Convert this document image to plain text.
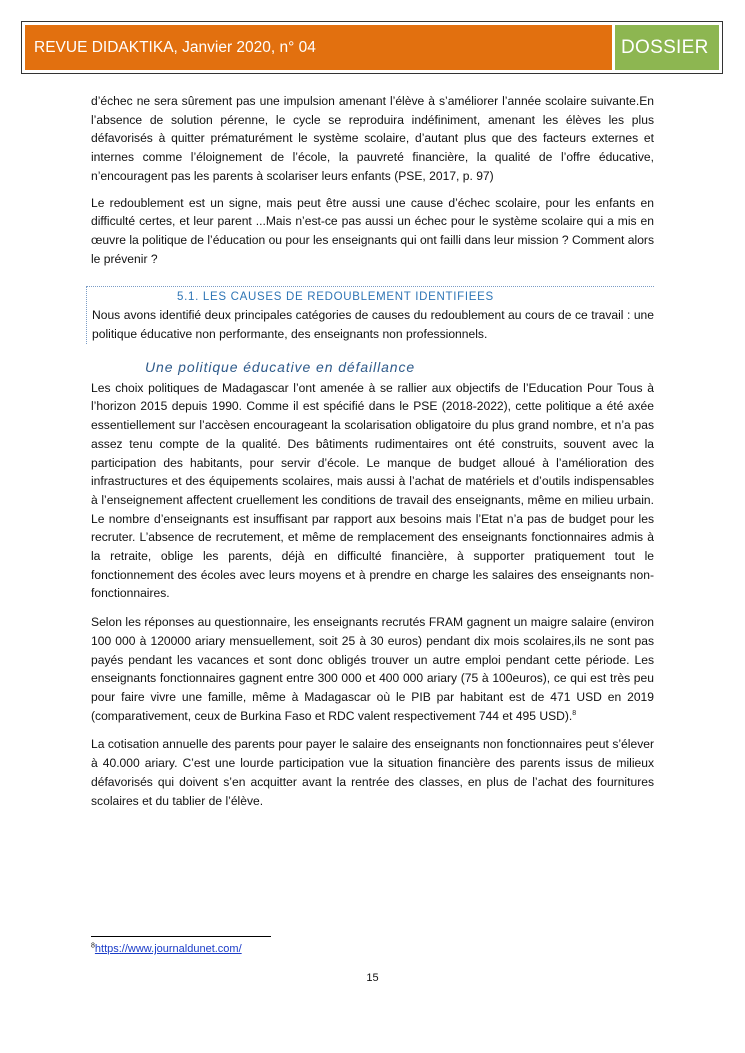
REVUE DIDAKTIKA, Janvier 2020, n° 04	DOSSIER

d’échec ne sera sûrement pas une impulsion amenant l’élève à s’améliorer l’année scolaire suivante.En l’absence de solution pérenne, le cycle se reproduira indéfiniment, amenant les élèves les plus défavorisés à quitter prématurément le système scolaire, d’autant plus que des facteurs externes et internes comme l’éloignement de l’école, la pauvreté financière, la qualité de l’offre éducative, n’encouragent pas les parents à scolariser leurs enfants (PSE, 2017, p. 97)

Le redoublement est un signe, mais peut être aussi une cause d’échec scolaire, pour les enfants en difficulté certes, et leur parent ...Mais n’est-ce pas aussi un échec pour le système scolaire qui a mis en œuvre la politique de l’éducation ou pour les enseignants qui ont failli dans leur mission ? Comment alors le prévenir ?

5.1. LES CAUSES DE REDOUBLEMENT IDENTIFIEES

Nous avons identifié deux principales catégories de causes du redoublement au cours de ce travail : une politique éducative non performante, des enseignants non professionnels.

Une politique éducative en défaillance

Les choix politiques de Madagascar l’ont amenée à se rallier aux objectifs de l’Education Pour Tous à l’horizon 2015 depuis 1990. Comme il est spécifié dans le PSE (2018-2022), cette politique a été axée essentiellement sur l’accèsen encourageant la scolarisation obligatoire du plus grand nombre, et n’a pas assez tenu compte de la qualité. Des bâtiments rudimentaires ont été construits, souvent avec la participation des habitants, pour servir d’école. Le manque de budget alloué à l’amélioration des infrastructures et des équipements scolaires, mais aussi à l’achat de matériels et d’outils indispensables à l’enseignement affectent cruellement les conditions de travail des enseignants, même en milieu urbain. Le nombre d’enseignants est insuffisant par rapport aux besoins mais l’Etat n’a pas de budget pour les recruter. L’absence de recrutement, et même de remplacement des enseignants fonctionnaires admis à la retraite, oblige les parents, déjà en difficulté financière, à supporter pratiquement tout le fonctionnement des écoles avec leurs moyens et à prendre en charge les salaires des enseignants non-fonctionnaires.

Selon les réponses au questionnaire, les enseignants recrutés FRAM gagnent un maigre salaire (environ 100 000 à 120000 ariary mensuellement, soit 25 à 30 euros) pendant dix mois scolaires,ils ne sont pas payés pendant les vacances et sont donc obligés trouver un autre emploi pendant cette période. Les enseignants fonctionnaires gagnent entre 300 000 et 400 000 ariary (75 à 100euros), ce qui est très peu pour faire vivre une famille, même à Madagascar où le PIB par habitant est de 471 USD en 2019 (comparativement, ceux de Burkina Faso et RDC valent respectivement 744 et 495 USD).$^8$

La cotisation annuelle des parents pour payer le salaire des enseignants non fonctionnaires peut s’élever à 40.000 ariary. C’est une lourde participation vue la situation financière des parents issus de milieux défavorisés qui doivent s’en acquitter avant la rentrée des classes, en plus de l’achat des fournitures scolaires et du tablier de l’élève.

$^8$https://www.journaldunet.com/
15
